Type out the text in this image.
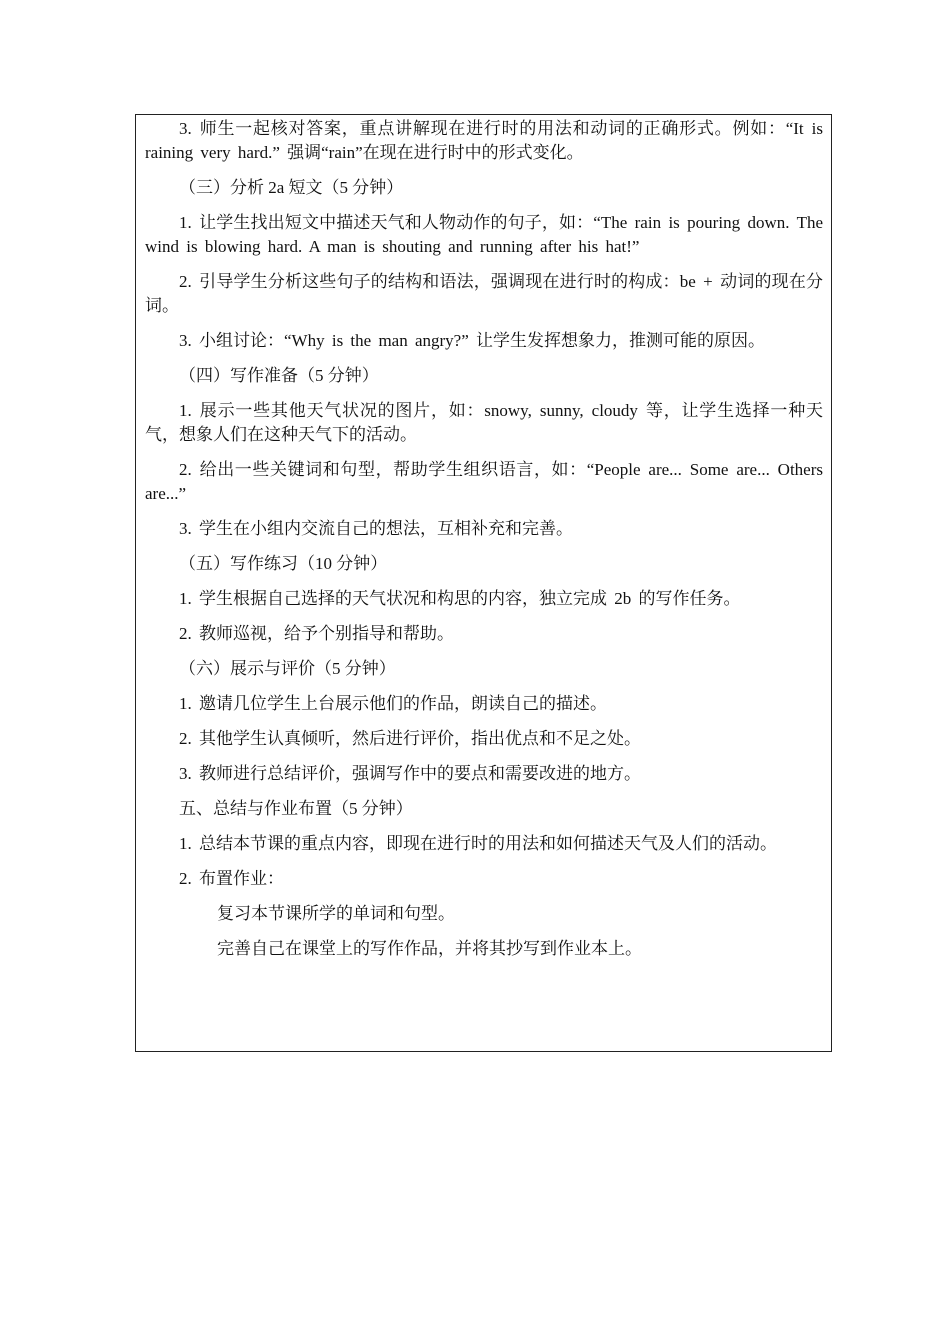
3. 师生一起核对答案，重点讲解现在进行时的用法和动词的正确形式。例如：“It is raining very hard.” 强调“rain”在现在进行时中的形式变化。
（三）分析 2a 短文（5 分钟）
1. 让学生找出短文中描述天气和人物动作的句子，如：“The rain is pouring down. The wind is blowing hard. A man is shouting and running after his hat!”
2. 引导学生分析这些句子的结构和语法，强调现在进行时的构成：be + 动词的现在分词。
3. 小组讨论：“Why is the man angry?” 让学生发挥想象力，推测可能的原因。
（四）写作准备（5 分钟）
1. 展示一些其他天气状况的图片，如：snowy, sunny, cloudy 等，让学生选择一种天气，想象人们在这种天气下的活动。
2. 给出一些关键词和句型，帮助学生组织语言，如：“People are... Some are... Others are...”
3. 学生在小组内交流自己的想法，互相补充和完善。
（五）写作练习（10 分钟）
1. 学生根据自己选择的天气状况和构思的内容，独立完成 2b 的写作任务。
2. 教师巡视，给予个别指导和帮助。
（六）展示与评价（5 分钟）
1. 邀请几位学生上台展示他们的作品，朗读自己的描述。
2. 其他学生认真倾听，然后进行评价，指出优点和不足之处。
3. 教师进行总结评价，强调写作中的要点和需要改进的地方。
五、总结与作业布置（5 分钟）
1. 总结本节课的重点内容，即现在进行时的用法和如何描述天气及人们的活动。
2. 布置作业：
复习本节课所学的单词和句型。
完善自己在课堂上的写作作品，并将其抄写到作业本上。
